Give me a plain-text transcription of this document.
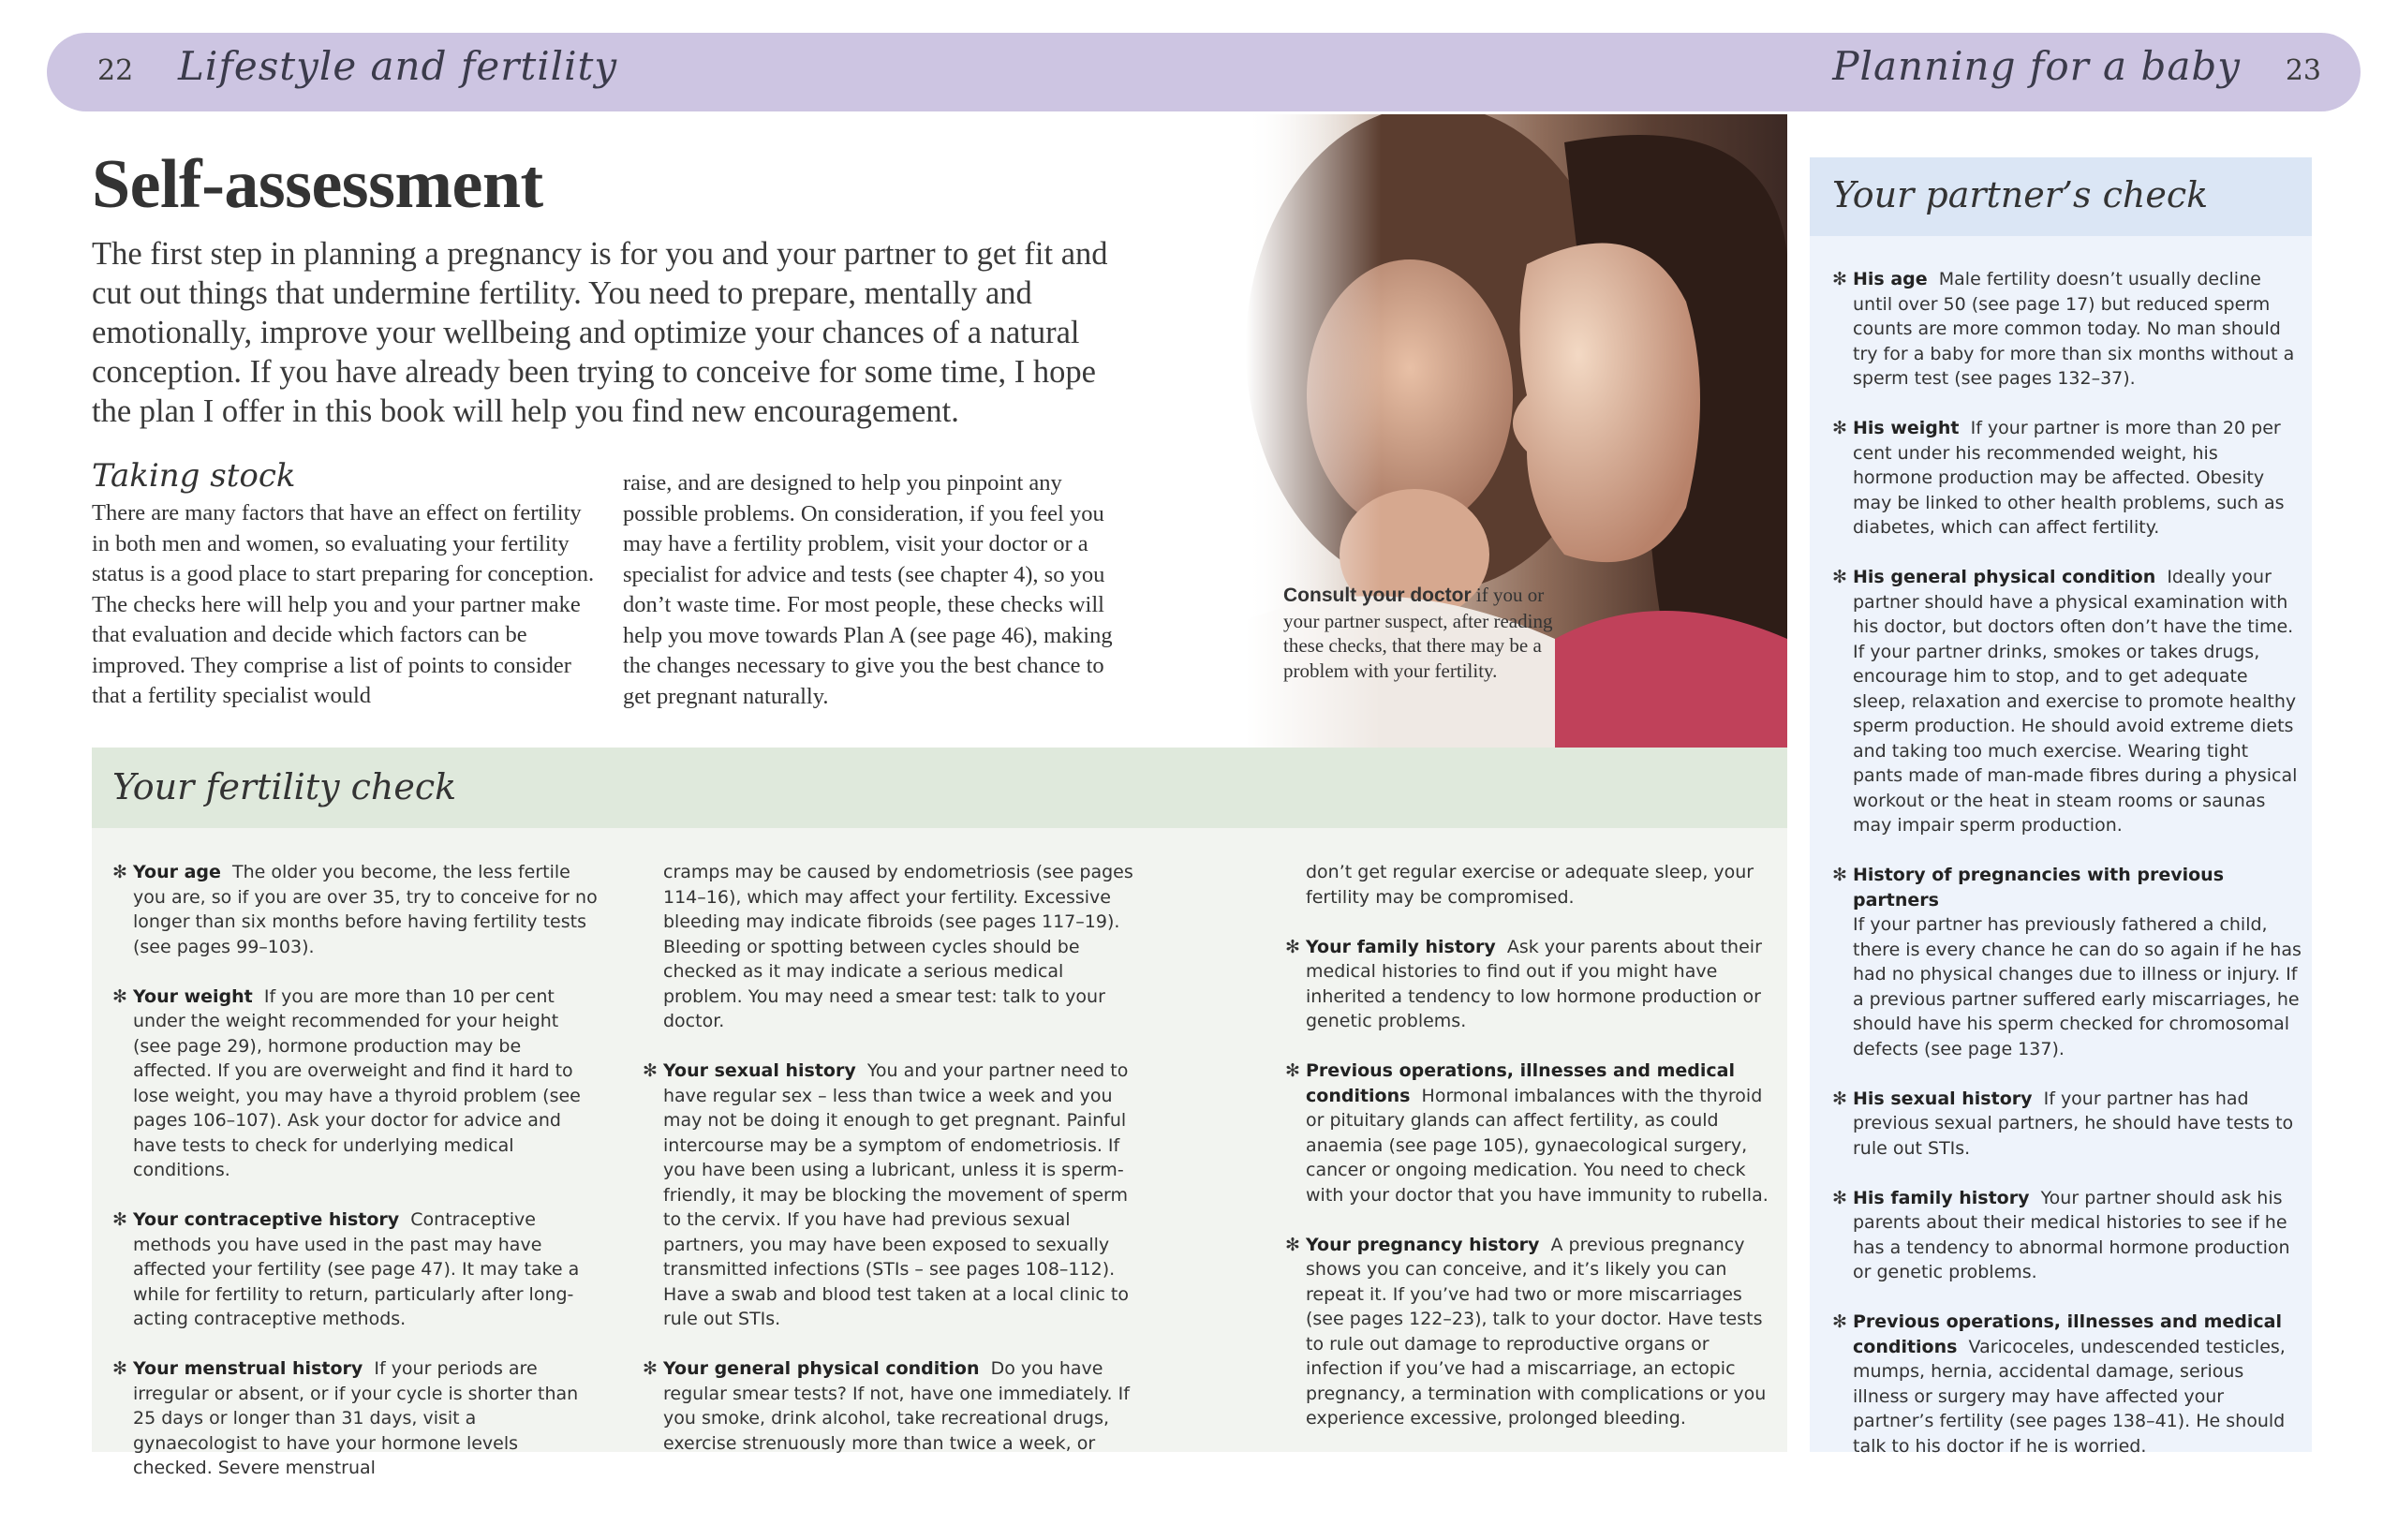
22 Lifestyle and fertility	Planning for a baby 23
Self-assessment

The first step in planning a pregnancy is for you and your partner to get fit and cut out things that undermine fertility. You need to prepare, mentally and emotionally, improve your wellbeing and optimize your chances of a natural conception. If you have already been trying to conceive for some time, I hope the plan I offer in this book will help you find new encouragement.

Taking stock

There are many factors that have an effect on fertility in both men and women, so evaluating your fertility status is a good place to start preparing for conception. The checks here will help you and your partner make that evaluation and decide which factors can be improved. They comprise a list of points to consider that a fertility specialist would

raise, and are designed to help you pinpoint any possible problems. On consideration, if you feel you may have a fertility problem, visit your doctor or a specialist for advice and tests (see chapter 4), so you don’t waste time. For most people, these checks will help you move towards Plan A (see page 46), making the changes necessary to give you the best chance to get pregnant naturally.

Consult your doctor if you or your partner suspect, after reading these checks, that there may be a problem with your fertility.

Your fertility check
✻ Your age The older you become, the less fertile you are, so if you are over 35, try to conceive for no longer than six months before having fertility tests (see pages 99–103).
✻ Your weight If you are more than 10 per cent under the weight recommended for your height (see page 29), hormone production may be affected. If you are overweight and find it hard to lose weight, you may have a thyroid problem (see pages 106–107). Ask your doctor for advice and have tests to check for underlying medical conditions.
✻ Your contraceptive history Contraceptive methods you have used in the past may have affected your fertility (see page 47). It may take a while for fertility to return, particularly after long-acting contraceptive methods.
✻ Your menstrual history If your periods are irregular or absent, or if your cycle is shorter than 25 days or longer than 31 days, visit a gynaecologist to have your hormone levels checked. Severe menstrual
cramps may be caused by endometriosis (see pages 114–16), which may affect your fertility. Excessive bleeding may indicate fibroids (see pages 117–19). Bleeding or spotting between cycles should be checked as it may indicate a serious medical problem. You may need a smear test: talk to your doctor.
✻ Your sexual history You and your partner need to have regular sex – less than twice a week and you may not be doing it enough to get pregnant. Painful intercourse may be a symptom of endometriosis. If you have been using a lubricant, unless it is sperm-friendly, it may be blocking the movement of sperm to the cervix. If you have had previous sexual partners, you may have been exposed to sexually transmitted infections (STIs – see pages 108–112). Have a swab and blood test taken at a local clinic to rule out STIs.
✻ Your general physical condition Do you have regular smear tests? If not, have one immediately. If you smoke, drink alcohol, take recreational drugs, exercise strenuously more than twice a week, or
don’t get regular exercise or adequate sleep, your fertility may be compromised.
✻ Your family history Ask your parents about their medical histories to find out if you might have inherited a tendency to low hormone production or genetic problems.
✻ Previous operations, illnesses and medical conditions Hormonal imbalances with the thyroid or pituitary glands can affect fertility, as could anaemia (see page 105), gynaecological surgery, cancer or ongoing medication. You need to check with your doctor that you have immunity to rubella.
✻ Your pregnancy history A previous pregnancy shows you can conceive, and it’s likely you can repeat it. If you’ve had two or more miscarriages (see pages 122–23), talk to your doctor. Have tests to rule out damage to reproductive organs or infection if you’ve had a miscarriage, an ectopic pregnancy, a termination with complications or you experience excessive, prolonged bleeding.
Your partner’s check
✻ His age Male fertility doesn’t usually decline until over 50 (see page 17) but reduced sperm counts are more common today. No man should try for a baby for more than six months without a sperm test (see pages 132–37).
✻ His weight If your partner is more than 20 per cent under his recommended weight, his hormone production may be affected. Obesity may be linked to other health problems, such as diabetes, which can affect fertility.
✻ His general physical condition Ideally your partner should have a physical examination with his doctor, but doctors often don’t have the time. If your partner drinks, smokes or takes drugs, encourage him to stop, and to get adequate sleep, relaxation and exercise to promote healthy sperm production. He should avoid extreme diets and taking too much exercise. Wearing tight pants made of man-made fibres during a physical workout or the heat in steam rooms or saunas may impair sperm production.
✻ History of pregnancies with previous partners
If your partner has previously fathered a child, there is every chance he can do so again if he has had no physical changes due to illness or injury. If a previous partner suffered early miscarriages, he should have his sperm checked for chromosomal defects (see page 137).
✻ His sexual history If your partner has had previous sexual partners, he should have tests to rule out STIs.
✻ His family history Your partner should ask his parents about their medical histories to see if he has a tendency to abnormal hormone production or genetic problems.
✻ Previous operations, illnesses and medical conditions Varicoceles, undescended testicles, mumps, hernia, accidental damage, serious illness or surgery may have affected your partner’s fertility (see pages 138–41). He should talk to his doctor if he is worried.
